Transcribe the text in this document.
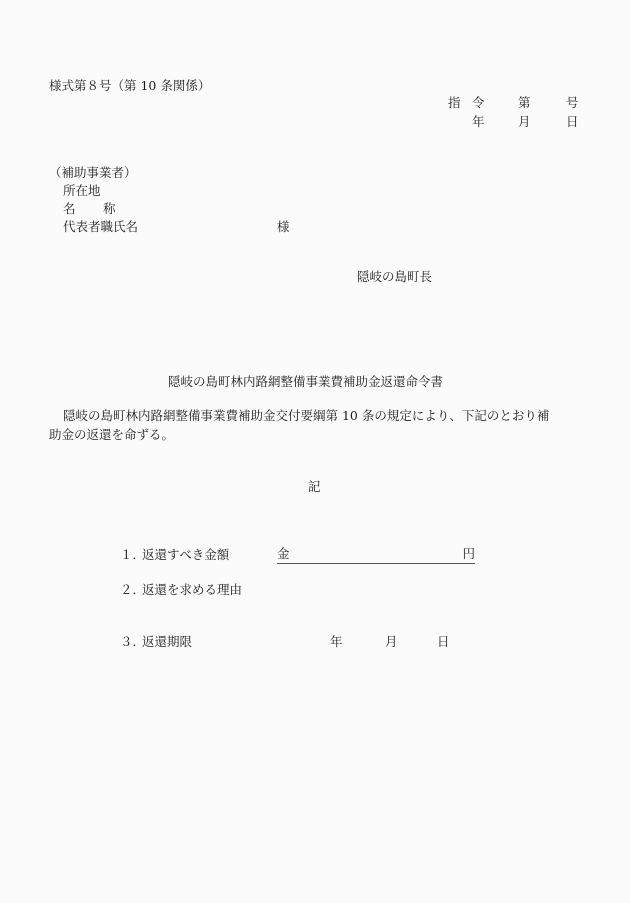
様式第８号（第 10 条関係）
指 令	第	号
年	月	日
（補助事業者）
所在地
名 称
代表者職氏名	様
隠岐の島町長
隠岐の島町林内路網整備事業費補助金返還命令書
隠岐の島町林内路網整備事業費補助金交付要綱第 10 条の規定により、下記のとおり補
助金の返還を命ずる。
記
１．
返還すべき金額	金	円
２．
返還を求める理由
３．
返還期限	年	月	日
